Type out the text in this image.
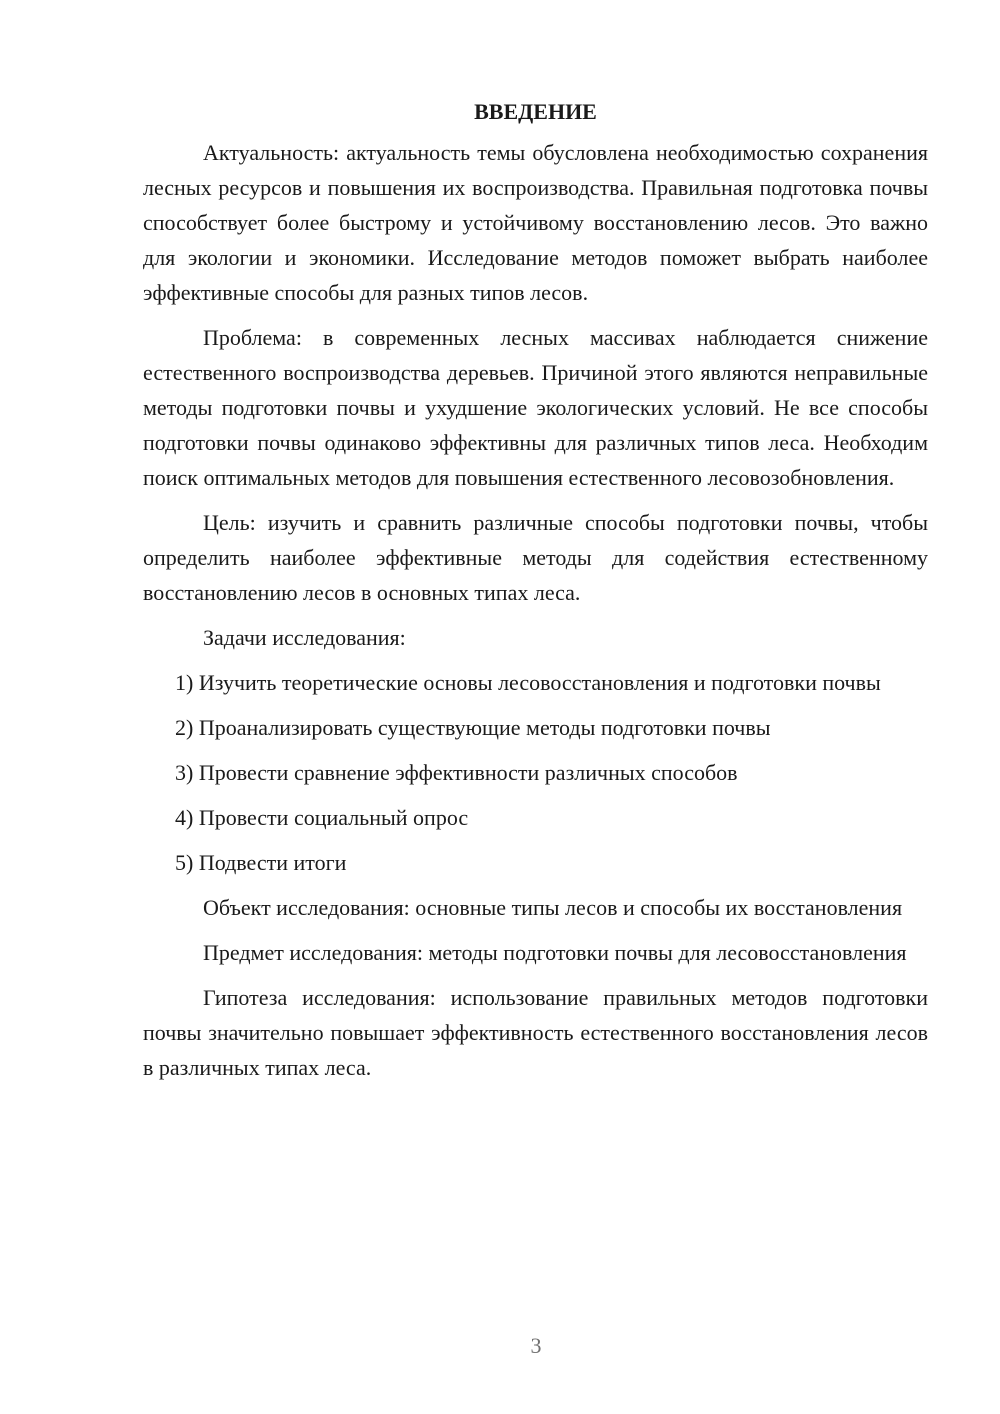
ВВЕДЕНИЕ

Актуальность: актуальность темы обусловлена необходимостью сохранения лесных ресурсов и повышения их воспроизводства. Правильная подготовка почвы способствует более быстрому и устойчивому восстановлению лесов. Это важно для экологии и экономики. Исследование методов поможет выбрать наиболее эффективные способы для разных типов лесов.

Проблема: в современных лесных массивах наблюдается снижение естественного воспроизводства деревьев. Причиной этого являются неправильные методы подготовки почвы и ухудшение экологических условий. Не все способы подготовки почвы одинаково эффективны для различных типов леса. Необходим поиск оптимальных методов для повышения естественного лесовозобновления.

Цель: изучить и сравнить различные способы подготовки почвы, чтобы определить наиболее эффективные методы для содействия естественному восстановлению лесов в основных типах леса.

Задачи исследования:

1) Изучить теоретические основы лесовосстановления и подготовки почвы

2) Проанализировать существующие методы подготовки почвы

3) Провести сравнение эффективности различных способов

4) Провести социальный опрос

5) Подвести итоги

Объект исследования: основные типы лесов и способы их восстановления

Предмет исследования: методы подготовки почвы для лесовосстановления

Гипотеза исследования: использование правильных методов подготовки почвы значительно повышает эффективность естественного восстановления лесов в различных типах леса.

3
